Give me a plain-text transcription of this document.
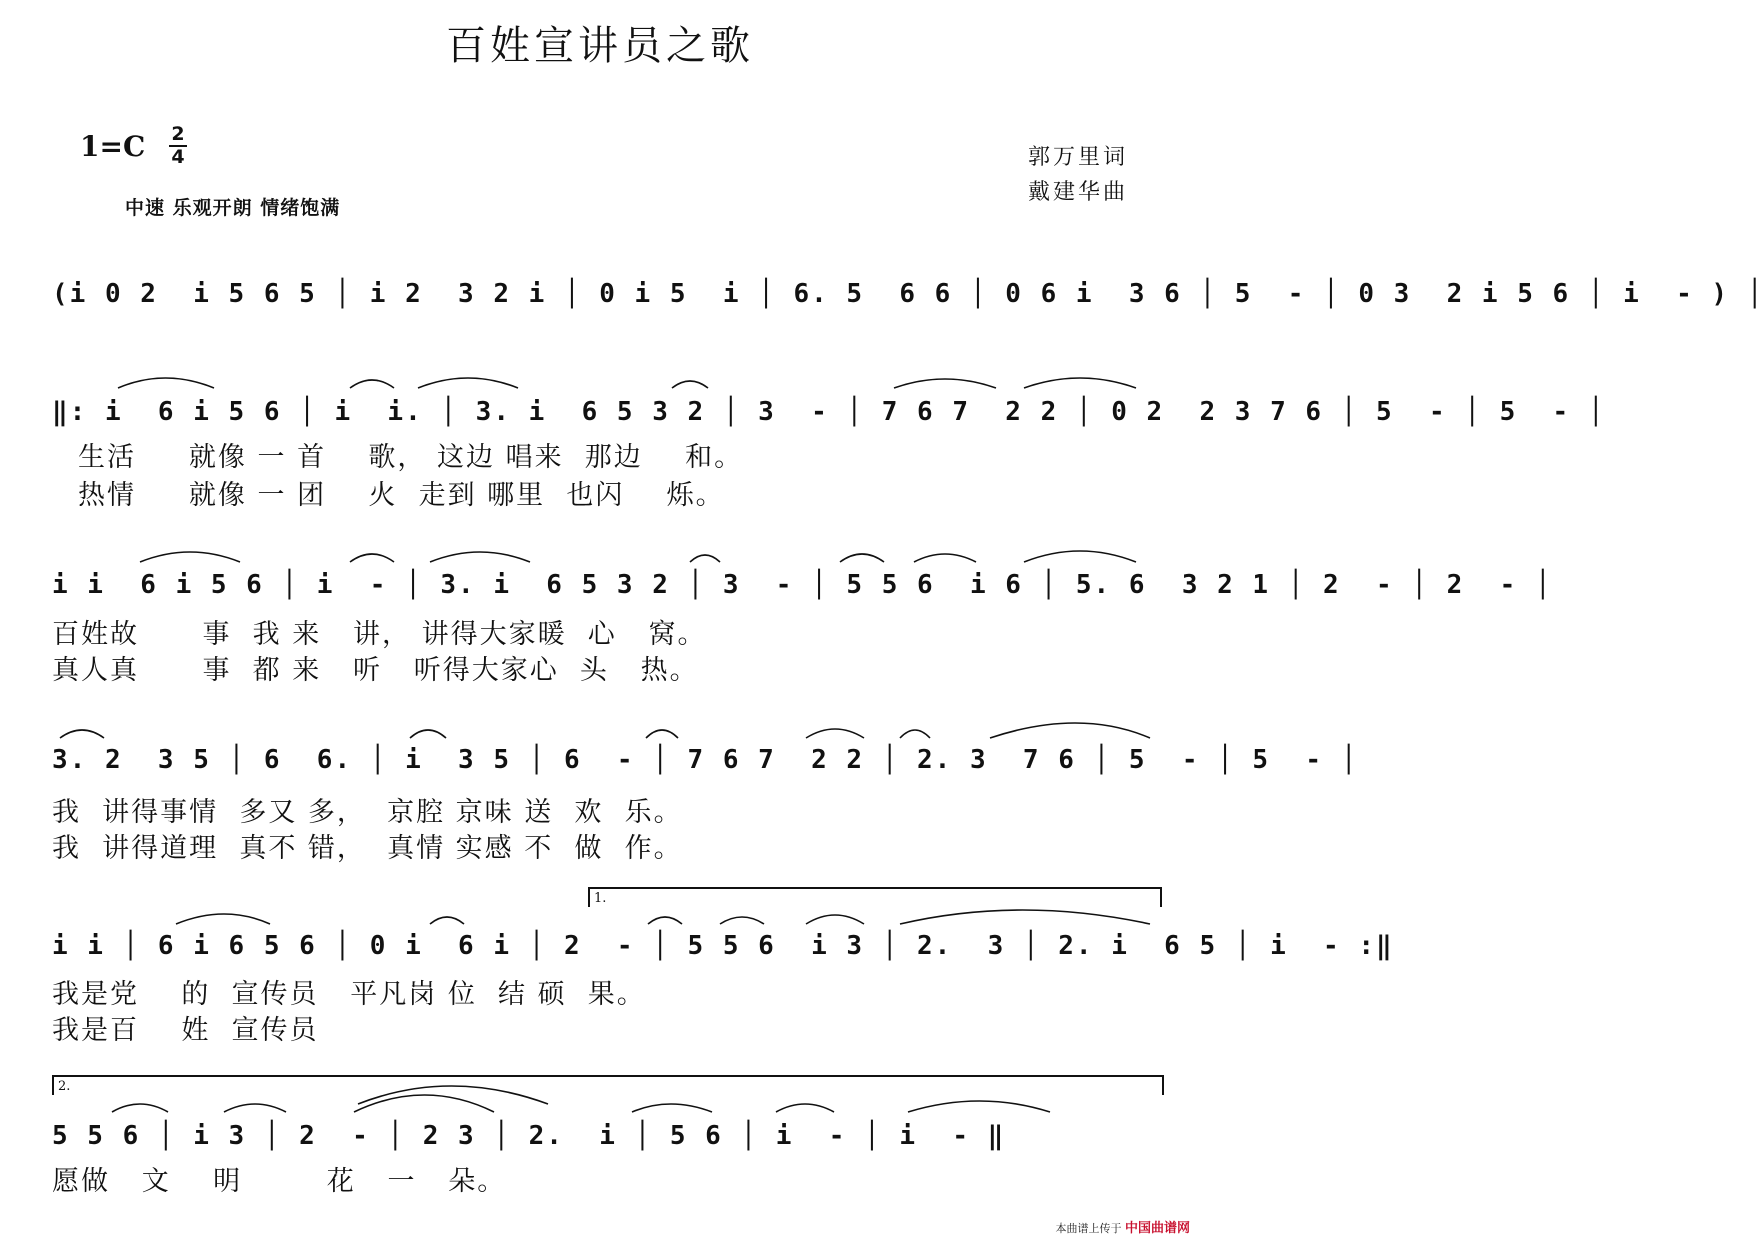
百姓宣讲员之歌
1=C 2
4
中速 乐观开朗 情绪饱满
郭万里词
戴建华曲
(i 0 2  i 5 6 5 │ i 2  3 2 i │ 0 i 5  i │ 6. 5  6 6 │ 0 6 i  3 6 │ 5  - │ 0 3  2 i 5 6 │ i  - ) │
‖: i  6 i 5 6 │ i  i. │ 3. i  6 5 3 2 │ 3  - │ 7 6 7  2 2 │ 0 2  2 3 7 6 │ 5  - │ 5  - │
生活     就像 一 首    歌， 这边 唱来  那边    和。
热情     就像 一 团    火  走到 哪里  也闪    烁。
i i  6 i 5 6 │ i  - │ 3. i  6 5 3 2 │ 3  - │ 5 5 6  i 6 │ 5. 6  3 2 1 │ 2  - │ 2  - │
百姓故      事  我 来   讲， 讲得大家暖  心   窝。
真人真      事  都 来   听   听得大家心  头   热。
3. 2  3 5 │ 6  6. │ i  3 5 │ 6  - │ 7 6 7  2 2 │ 2. 3  7 6 │ 5  - │ 5  - │
我  讲得事情  多又 多，  京腔 京味 送  欢  乐。
我  讲得道理  真不 错，  真情 实感 不  做  作。
1.
i i │ 6 i 6 5 6 │ 0 i  6 i │ 2  - │ 5 5 6  i 3 │ 2.  3 │ 2. i  6 5 │ i  - :‖
我是党    的  宣传员   平凡岗 位  结 硕  果。
我是百    姓  宣传员
2.
5 5 6 │ i 3 │ 2  - │ 2 3 │ 2.  i │ 5 6 │ i  - │ i  - ‖
愿做   文    明        花   一   朵。
本曲谱上传于 中国曲谱网
